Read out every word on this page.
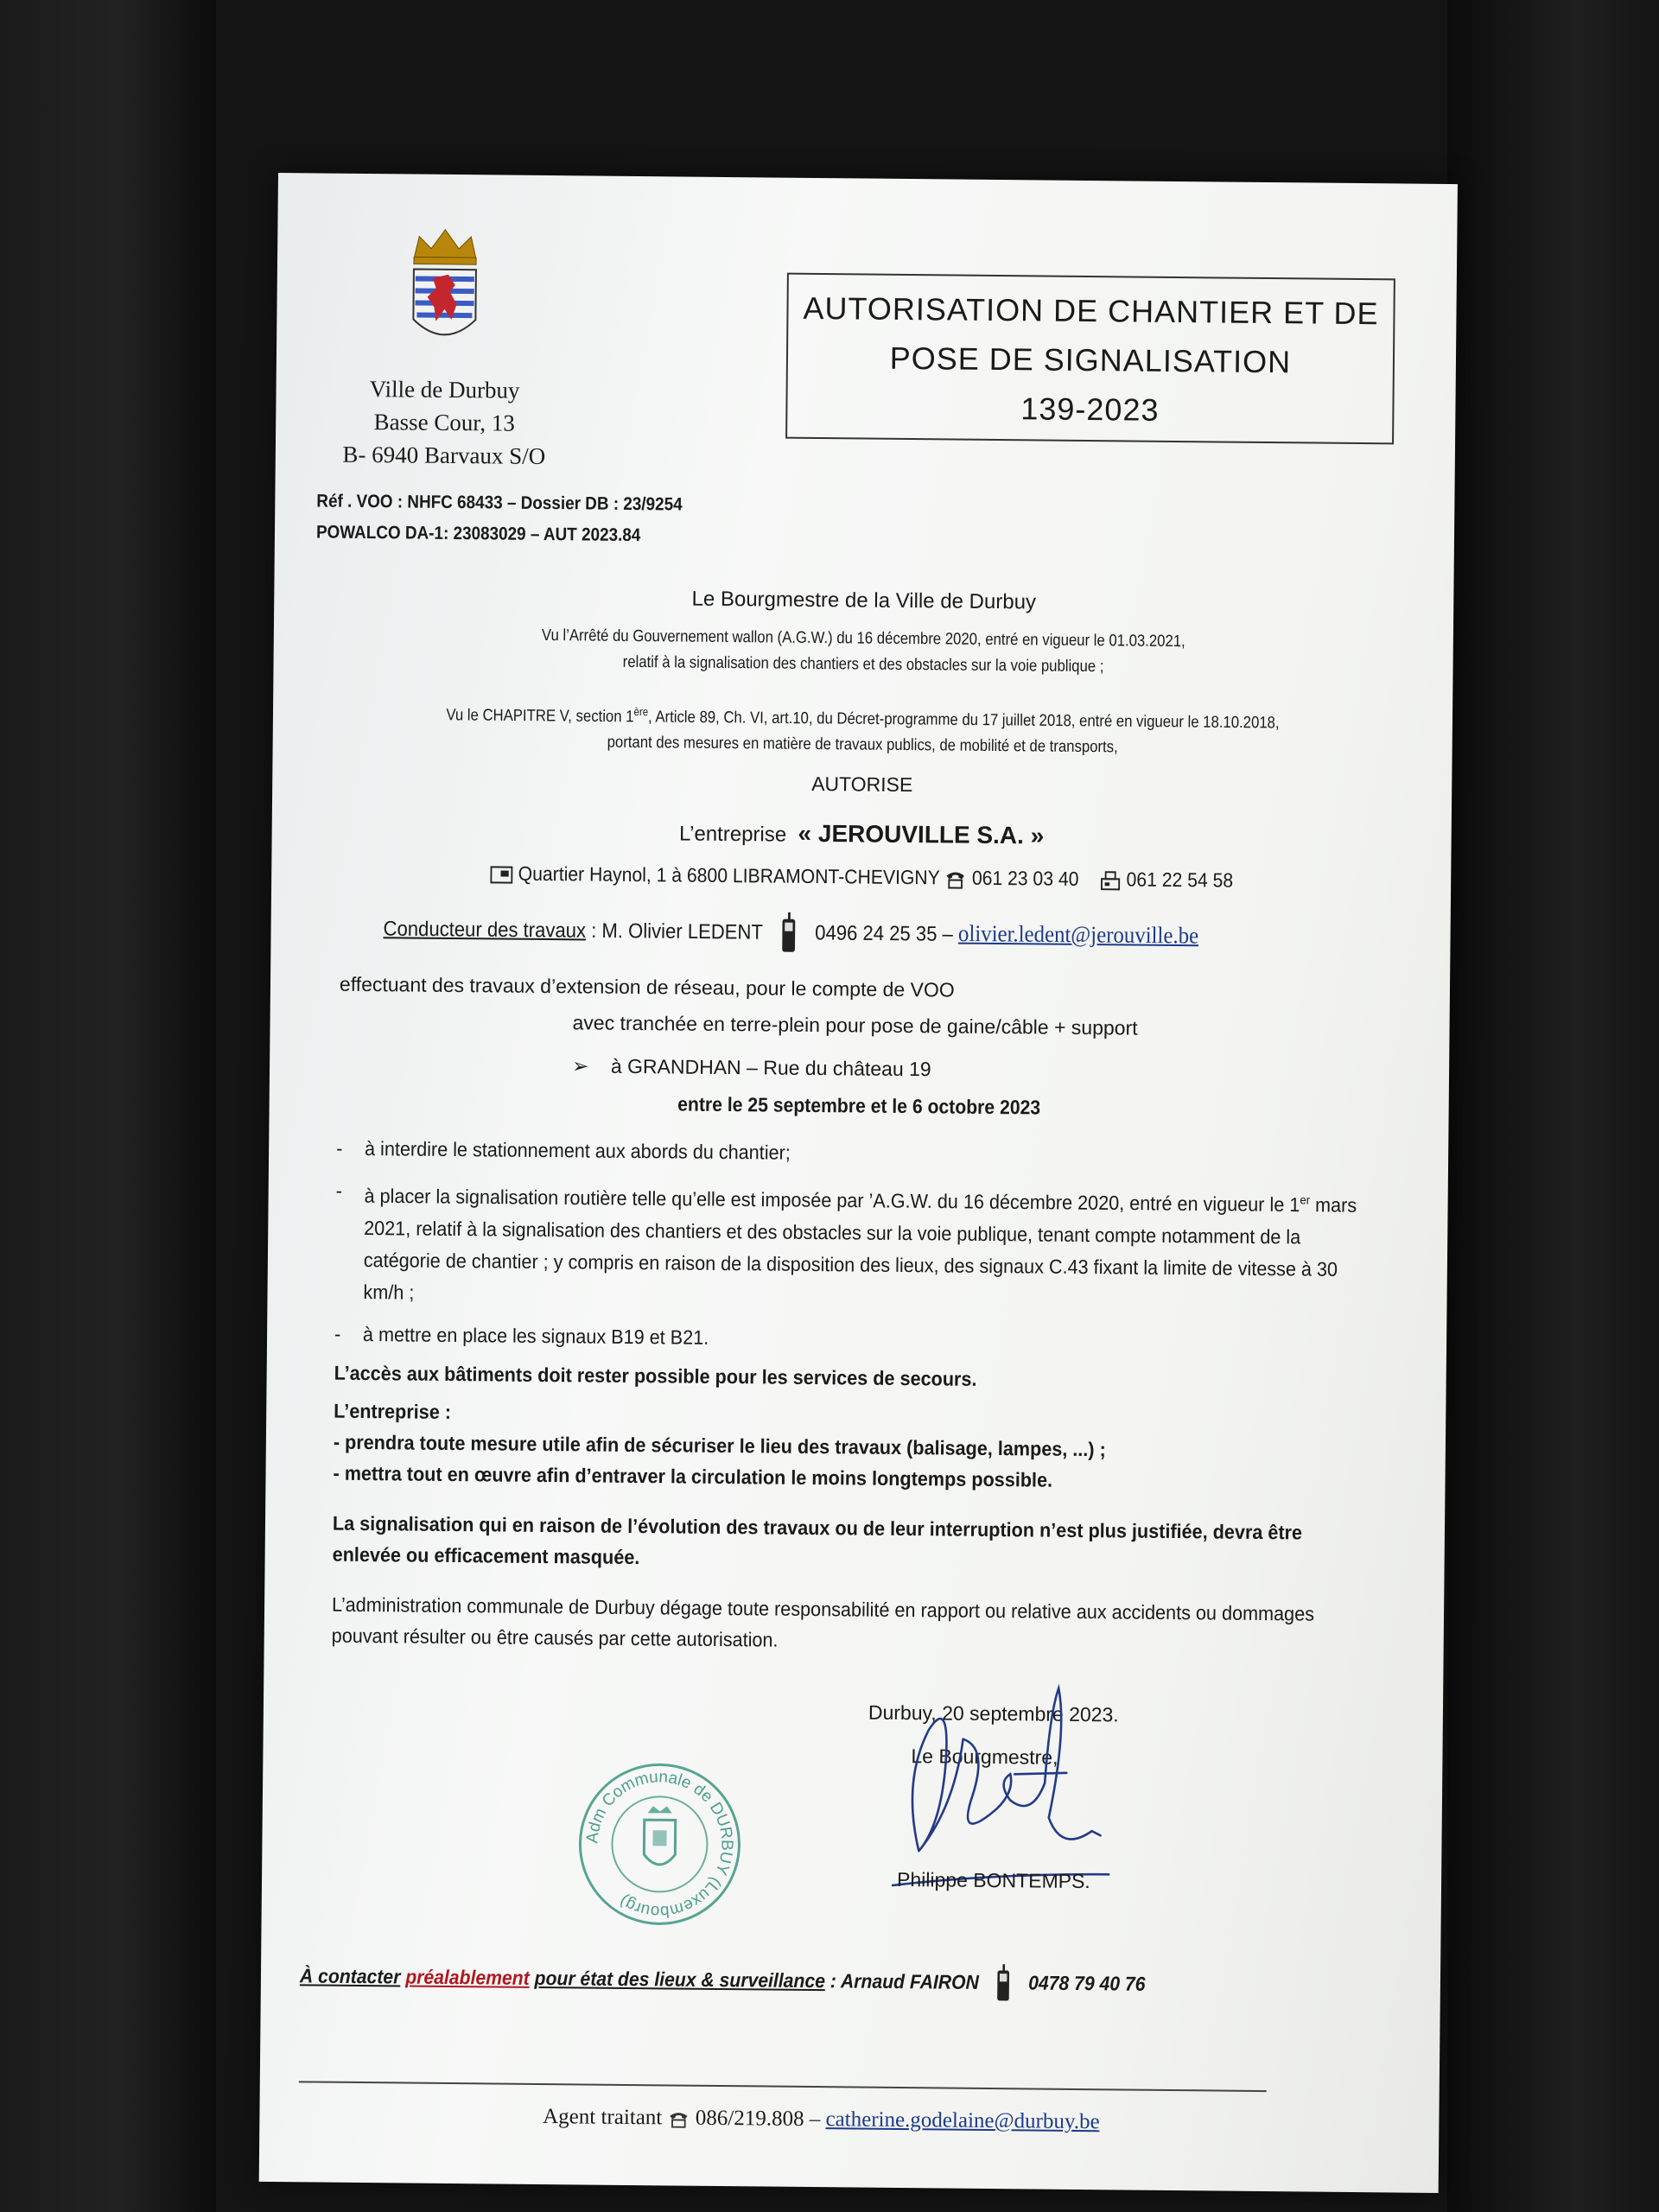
Ville de Durbuy
Basse Cour, 13
B- 6940 Barvaux S/O
AUTORISATION DE CHANTIER ET DE
POSE DE SIGNALISATION
139-2023
Réf . VOO : NHFC 68433 – Dossier DB : 23/9254
POWALCO DA-1: 23083029 – AUT 2023.84
Le Bourgmestre de la Ville de Durbuy
Vu l’Arrêté du Gouvernement wallon (A.G.W.) du 16 décembre 2020, entré en vigueur le 01.03.2021,
relatif à la signalisation des chantiers et des obstacles sur la voie publique ;
Vu le CHAPITRE V, section 1ère, Article 89, Ch. VI, art.10, du Décret-programme du 17 juillet 2018, entré en vigueur le 18.10.2018,
portant des mesures en matière de travaux publics, de mobilité et de transports,
AUTORISE
L’entreprise « JEROUVILLE S.A. »
Quartier Haynol, 1 à 6800 LIBRAMONT-CHEVIGNY 061 23 03 40 061 22 54 58
Conducteur des travaux : M. Olivier LEDENT	0496 24 25 35 – olivier.ledent@jerouville.be
effectuant des travaux d’extension de réseau, pour le compte de VOO
avec tranchée en terre-plein pour pose de gaine/câble + support
➢ à GRANDHAN – Rue du château 19
entre le 25 septembre et le 6 octobre 2023
- à interdire le stationnement aux abords du chantier;
- à placer la signalisation routière telle qu’elle est imposée par ’A.G.W. du 16 décembre 2020, entré en vigueur le 1er mars 2021, relatif à la signalisation des chantiers et des obstacles sur la voie publique, tenant compte notamment de la catégorie de chantier ; y compris en raison de la disposition des lieux, des signaux C.43 fixant la limite de vitesse à 30 km/h ;
- à mettre en place les signaux B19 et B21.

L’accès aux bâtiments doit rester possible pour les services de secours.

L’entreprise :

- prendra toute mesure utile afin de sécuriser le lieu des travaux (balisage, lampes, ...) ;

- mettra tout en œuvre afin d’entraver la circulation le moins longtemps possible.

La signalisation qui en raison de l’évolution des travaux ou de leur interruption n’est plus justifiée, devra être enlevée ou efficacement masquée.

L’administration communale de Durbuy dégage toute responsabilité en rapport ou relative aux accidents ou dommages pouvant résulter ou être causés par cette autorisation.

Durbuy, 20 septembre 2023.
Le Bourgmestre,
Adm Communale de DURBUY (Luxembourg)
Philippe BONTEMPS.
À contacter préalablement pour état des lieux & surveillance : Arnaud FAIRON 0478 79 40 76
Agent traitant 086/219.808 – catherine.godelaine@durbuy.be
